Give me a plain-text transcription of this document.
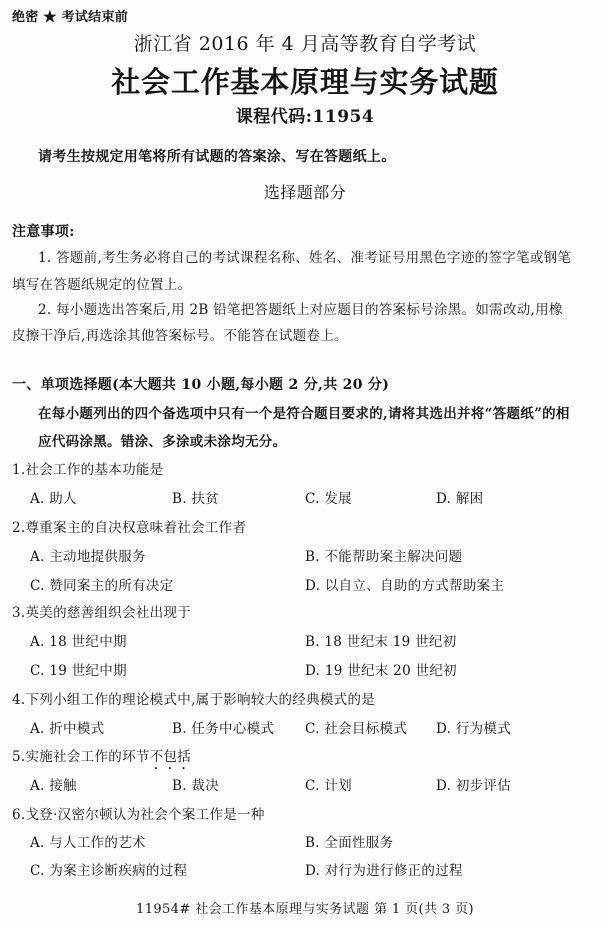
绝密 ★ 考试结束前
浙江省 2016 年 4 月高等教育自学考试
社会工作基本原理与实务试题
课程代码:11954
请考生按规定用笔将所有试题的答案涂、写在答题纸上。
选择题部分
注意事项:
1. 答题前,考生务必将自己的考试课程名称、姓名、准考证号用黑色字迹的签字笔或钢笔
填写在答题纸规定的位置上。
2. 每小题选出答案后,用 2B 铅笔把答题纸上对应题目的答案标号涂黑。如需改动,用橡
皮擦干净后,再选涂其他答案标号。不能答在试题卷上。
一、单项选择题(本大题共 10 小题,每小题 2 分,共 20 分)
在每小题列出的四个备选项中只有一个是符合题目要求的,请将其选出并将“答题纸”的相
应代码涂黑。错涂、多涂或未涂均无分。
1.社会工作的基本功能是
A. 助人	B. 扶贫	C. 发展	D. 解困
2.尊重案主的自决权意味着社会工作者
A. 主动地提供服务	B. 不能帮助案主解决问题
C. 赞同案主的所有决定	D. 以自立、自助的方式帮助案主
3.英美的慈善组织会社出现于
A. 18 世纪中期	B. 18 世纪末 19 世纪初
C. 19 世纪中期	D. 19 世纪末 20 世纪初
4.下列小组工作的理论模式中,属于影响较大的经典模式的是
A. 折中模式	B. 任务中心模式 C. 社会目标模式 D. 行为模式
5.实施社会工作的环节不包括
A. 接触	B. 裁决	C. 计划	D. 初步评估
6.戈登·汉密尔顿认为社会个案工作是一种
A. 与人工作的艺术	B. 全面性服务
C. 为案主诊断疾病的过程	D. 对行为进行修正的过程
11954# 社会工作基本原理与实务试题 第 1 页(共 3 页)
